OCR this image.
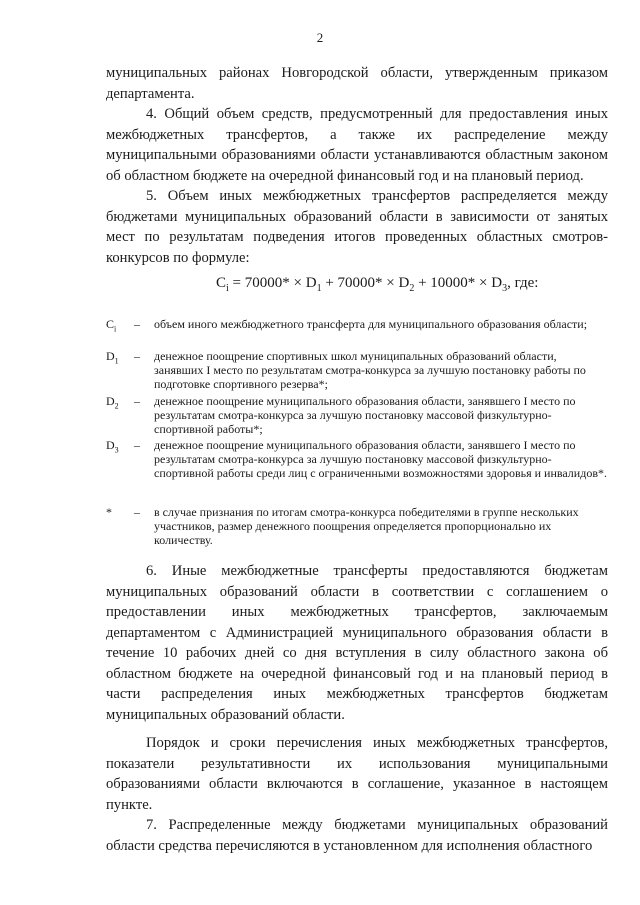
2

муниципальных районах Новгородской области, утвержденным приказом департамента.

4. Общий объем средств, предусмотренный для предоставления иных межбюджетных трансфертов, а также их распределение между муниципальными образованиями области устанавливаются областным законом об областном бюджете на очередной финансовый год и на плановый период.

5. Объем иных межбюджетных трансфертов распределяется между бюджетами муниципальных образований области в зависимости от занятых мест по результатам подведения итогов проведенных областных смотров-конкурсов по формуле:

$C_i = 70000* \times D_1 + 70000* \times D_2 + 10000* \times D_3$, где:
$C_i$	–	объем иного межбюджетного трансферта для муниципального образования области;
$D_1$	–	денежное поощрение спортивных школ муниципальных образований области, занявших I место по результатам смотра-конкурса за лучшую постановку работы по подготовке спортивного резерва*;
$D_2$	–	денежное поощрение муниципального образования области, занявшего I место по результатам смотра-конкурса за лучшую постановку массовой физкультурно-спортивной работы*;
$D_3$	–	денежное поощрение муниципального образования области, занявшего I место по результатам смотра-конкурса за лучшую постановку массовой физкультурно-спортивной работы среди лиц с ограниченными возможностями здоровья и инвалидов*.
*	–	в случае признания по итогам смотра-конкурса победителями в группе нескольких участников, размер денежного поощрения определяется пропорционально их количеству.

6. Иные межбюджетные трансферты предоставляются бюджетам муниципальных образований области в соответствии с соглашением о предоставлении иных межбюджетных трансфертов, заключаемым департаментом с Администрацией муниципального образования области в течение 10 рабочих дней со дня вступления в силу областного закона об областном бюджете на очередной финансовый год и на плановый период в части распределения иных межбюджетных трансфертов бюджетам муниципальных образований области.

Порядок и сроки перечисления иных межбюджетных трансфертов, показатели результативности их использования муниципальными образованиями области включаются в соглашение, указанное в настоящем пункте.

7. Распределенные между бюджетами муниципальных образований области средства перечисляются в установленном для исполнения областного
